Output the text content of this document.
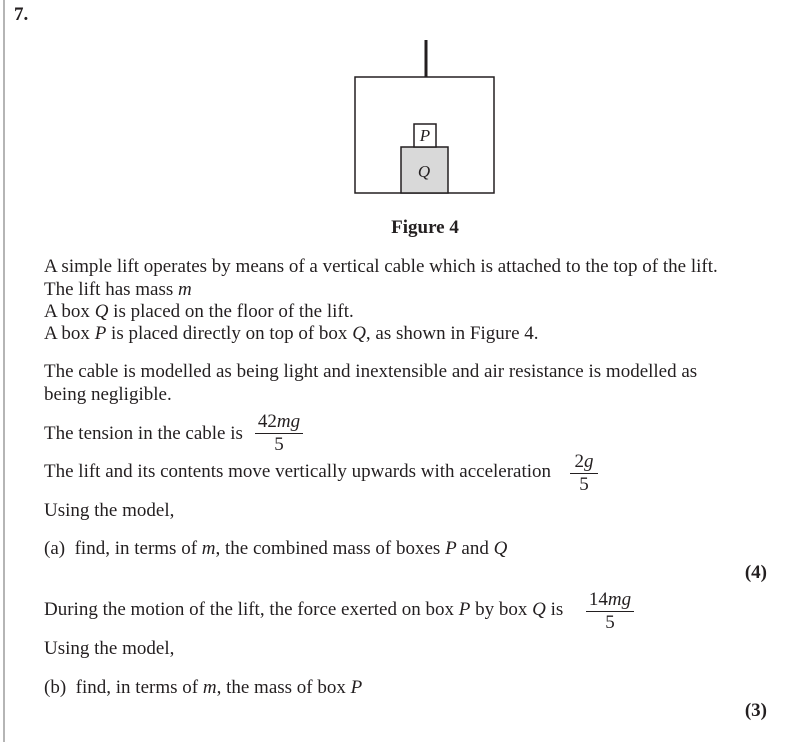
7.
P
Q
Figure 4
A simple lift operates by means of a vertical cable which is attached to the top of the lift.
The lift has mass m
A box Q is placed on the floor of the lift.
A box P is placed directly on top of box Q, as shown in Figure 4.
The cable is modelled as being light and inextensible and air resistance is modelled as
being negligible.
The tension in the cable is $\frac{42mg}{5}$
The lift and its contents move vertically upwards with acceleration $\frac{2g}{5}$
Using the model,
(a) find, in terms of m, the combined mass of boxes P and Q
(4)
During the motion of the lift, the force exerted on box P by box Q is $\frac{14mg}{5}$
Using the model,
(b) find, in terms of m, the mass of box P
(3)
